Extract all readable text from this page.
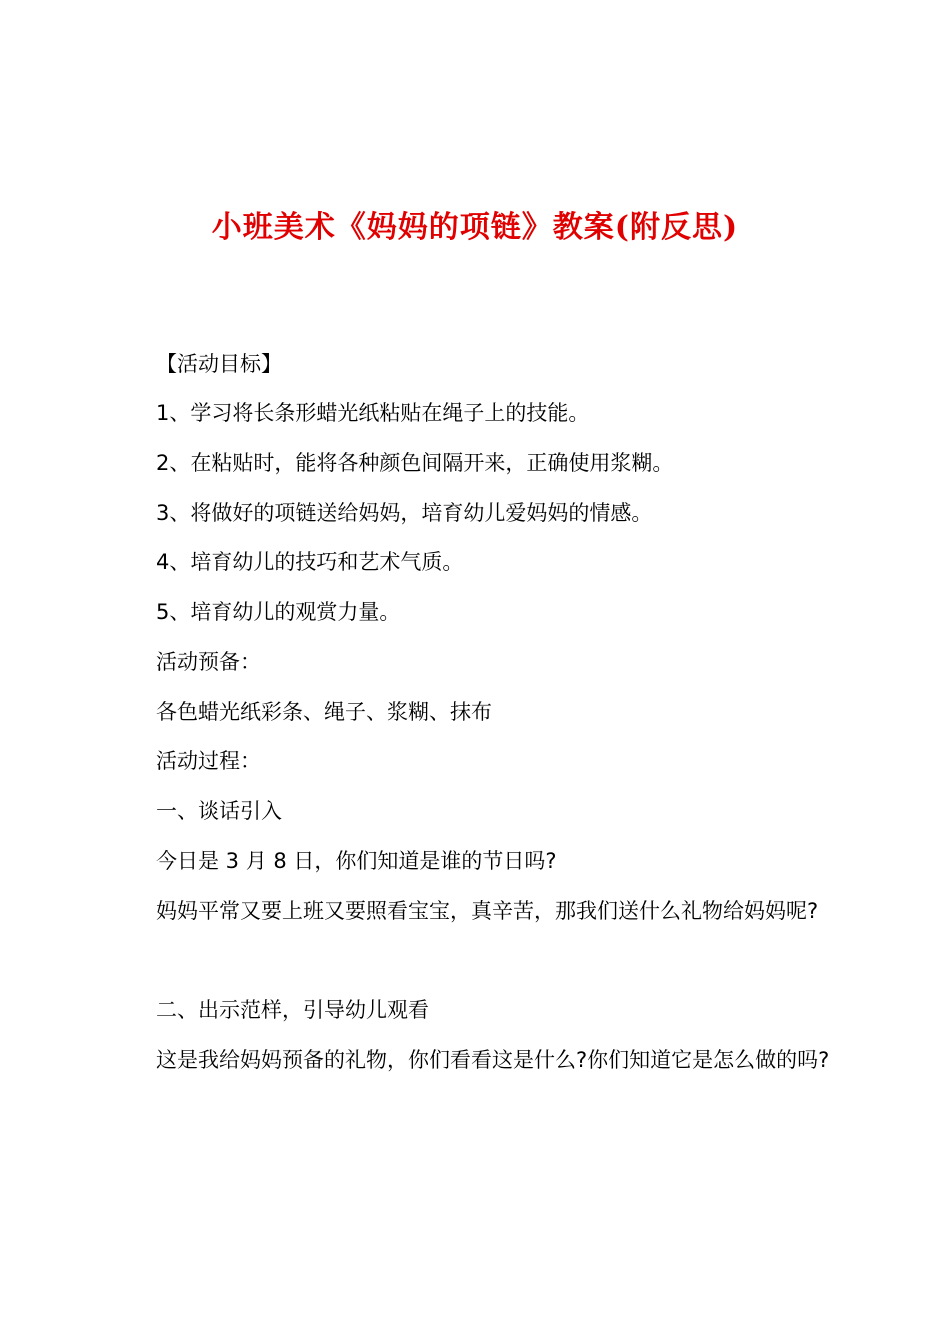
小班美术《妈妈的项链》教案(附反思)
【活动目标】
1、学习将长条形蜡光纸粘贴在绳子上的技能。
2、在粘贴时，能将各种颜色间隔开来，正确使用浆糊。
3、将做好的项链送给妈妈，培育幼儿爱妈妈的情感。
4、培育幼儿的技巧和艺术气质。
5、培育幼儿的观赏力量。
活动预备：
各色蜡光纸彩条、绳子、浆糊、抹布
活动过程：
一、谈话引入
今日是 3 月 8 日，你们知道是谁的节日吗?
妈妈平常又要上班又要照看宝宝，真辛苦，那我们送什么礼物给妈妈呢?
二、出示范样，引导幼儿观看
这是我给妈妈预备的礼物，你们看看这是什么?你们知道它是怎么做的吗?
